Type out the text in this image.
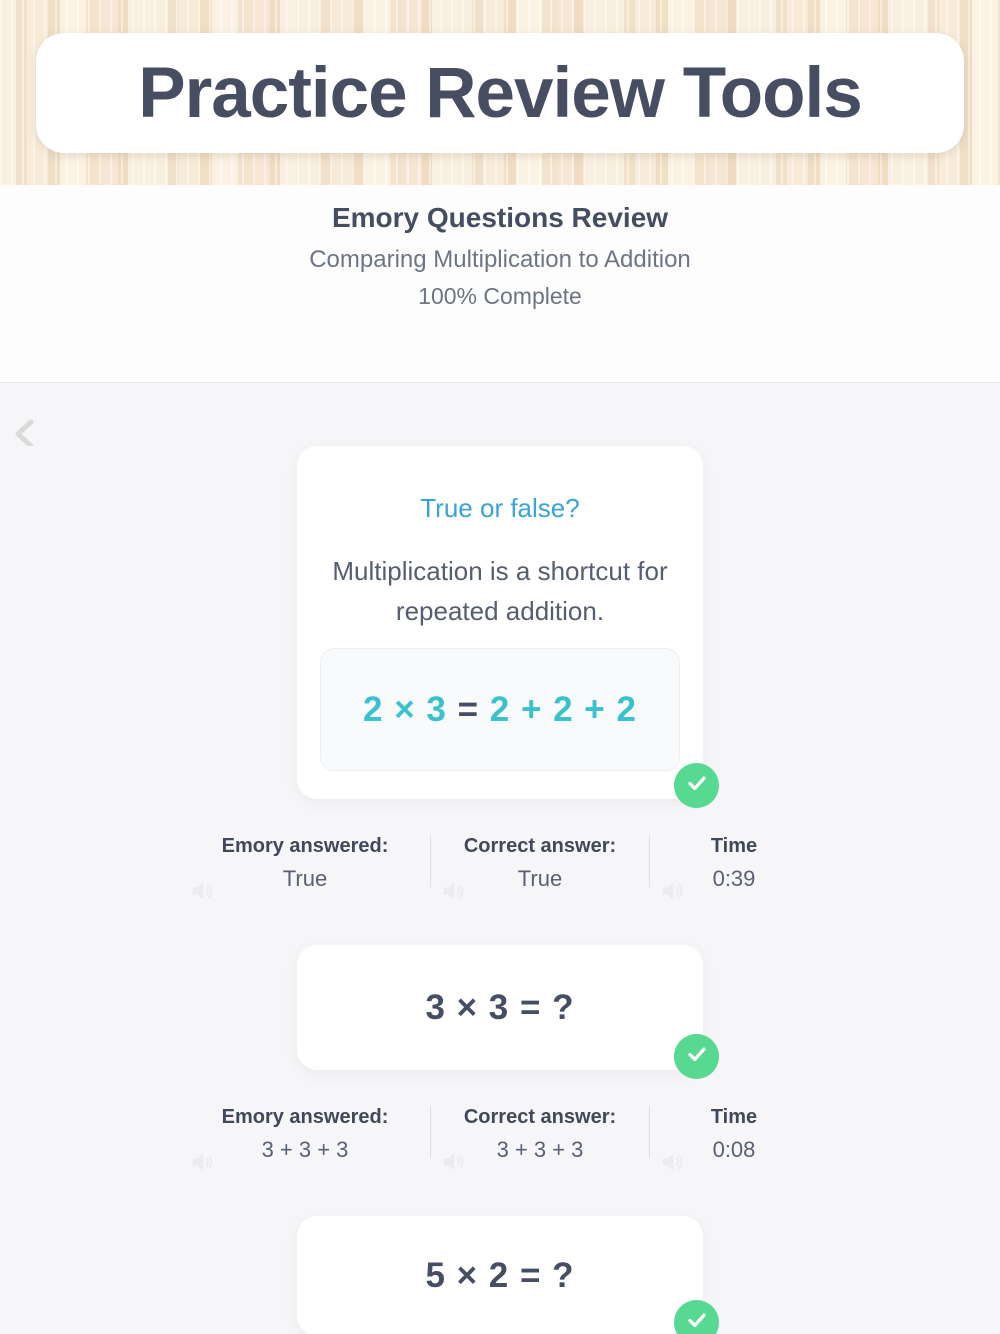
Practice Review Tools
Emory Questions Review

Comparing Multiplication to Addition

100% Complete

True or false?
Multiplication is a shortcut for repeated addition.
2 × 3 = 2 + 2 + 2
Emory answered:
True
Correct answer:
True
Time
0:39
3 × 3 = ?
Emory answered:
3 + 3 + 3
Correct answer:
3 + 3 + 3
Time
0:08
5 × 2 = ?
